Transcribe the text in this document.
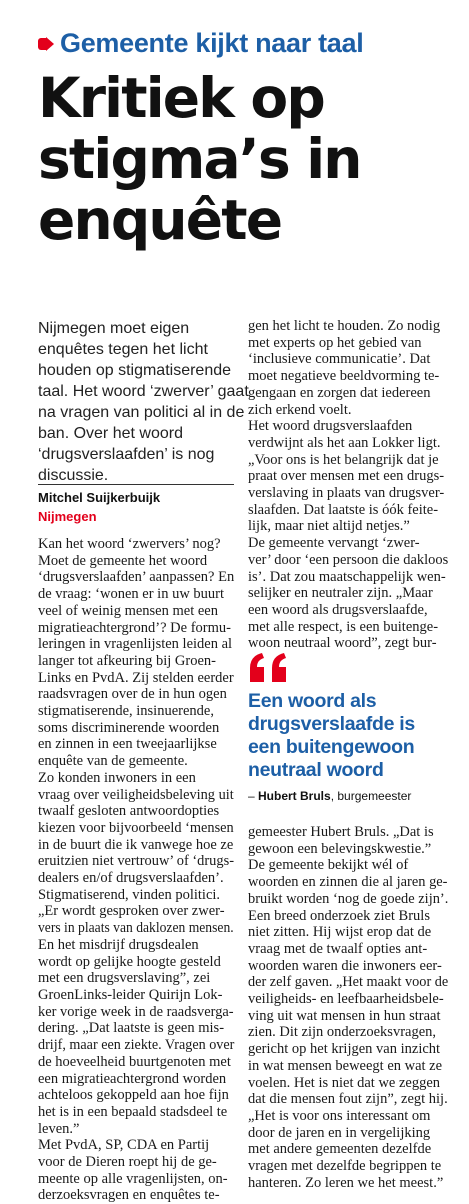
Gemeente kijkt naar taal
Kritiek op
stigma’s in
enquête
Nijmegen moet eigen
enquêtes tegen het licht
houden op stigmatiserende
taal. Het woord ‘zwerver’ gaat
na vragen van politici al in de
ban. Over het woord
‘drugsverslaafden’ is nog
discussie.
Mitchel Suijkerbuijk
Nijmegen
Kan het woord ‘zwervers’ nog?
Moet de gemeente het woord
‘drugsverslaafden’ aanpassen? En
de vraag: ‘wonen er in uw buurt
veel of weinig mensen met een
migratieachtergrond’? De formu-
leringen in vragenlijsten leiden al
langer tot afkeuring bij Groen-
Links en PvdA. Zij stelden eerder
raadsvragen over de in hun ogen
stigmatiserende, insinuerende,
soms discriminerende woorden
en zinnen in een tweejaarlijkse
enquête van de gemeente.
Zo konden inwoners in een
vraag over veiligheidsbeleving uit
twaalf gesloten antwoordopties
kiezen voor bijvoorbeeld ‘mensen
in de buurt die ik vanwege hoe ze
eruitzien niet vertrouw’ of ‘drugs-
dealers en/of drugsverslaafden’.
Stigmatiserend, vinden politici.
„Er wordt gesproken over zwer-
vers in plaats van daklozen mensen.
En het misdrijf drugsdealen
wordt op gelijke hoogte gesteld
met een drugsverslaving”, zei
GroenLinks-leider Quirijn Lok-
ker vorige week in de raadsverga-
dering. „Dat laatste is geen mis-
drijf, maar een ziekte. Vragen over
de hoeveelheid buurtgenoten met
een migratieachtergrond worden
achteloos gekoppeld aan hoe fijn
het is in een bepaald stadsdeel te
leven.”
Met PvdA, SP, CDA en Partij
voor de Dieren roept hij de ge-
meente op alle vragenlijsten, on-
derzoeksvragen en enquêtes te-
gen het licht te houden. Zo nodig
met experts op het gebied van
‘inclusieve communicatie’. Dat
moet negatieve beeldvorming te-
gengaan en zorgen dat iedereen
zich erkend voelt.
Het woord drugsverslaafden
verdwijnt als het aan Lokker ligt.
„Voor ons is het belangrijk dat je
praat over mensen met een drugs-
verslaving in plaats van drugsver-
slaafden. Dat laatste is óók feite-
lijk, maar niet altijd netjes.”
De gemeente vervangt ‘zwer-
ver’ door ‘een persoon die dakloos
is’. Dat zou maatschappelijk wen-
selijker en neutraler zijn. „Maar
een woord als drugsverslaafde,
met alle respect, is een buitenge-
woon neutraal woord”, zegt bur-
Een woord als
drugsverslaafde is
een buitengewoon
neutraal woord
– Hubert Bruls, burgemeester
gemeester Hubert Bruls. „Dat is
gewoon een belevingskwestie.”
De gemeente bekijkt wél of
woorden en zinnen die al jaren ge-
bruikt worden ‘nog de goede zijn’.
Een breed onderzoek ziet Bruls
niet zitten. Hij wijst erop dat de
vraag met de twaalf opties ant-
woorden waren die inwoners eer-
der zelf gaven. „Het maakt voor de
veiligheids- en leefbaarheidsbele-
ving uit wat mensen in hun straat
zien. Dit zijn onderzoeksvragen,
gericht op het krijgen van inzicht
in wat mensen beweegt en wat ze
voelen. Het is niet dat we zeggen
dat die mensen fout zijn”, zegt hij.
„Het is voor ons interessant om
door de jaren en in vergelijking
met andere gemeenten dezelfde
vragen met dezelfde begrippen te
hanteren. Zo leren we het meest.”
